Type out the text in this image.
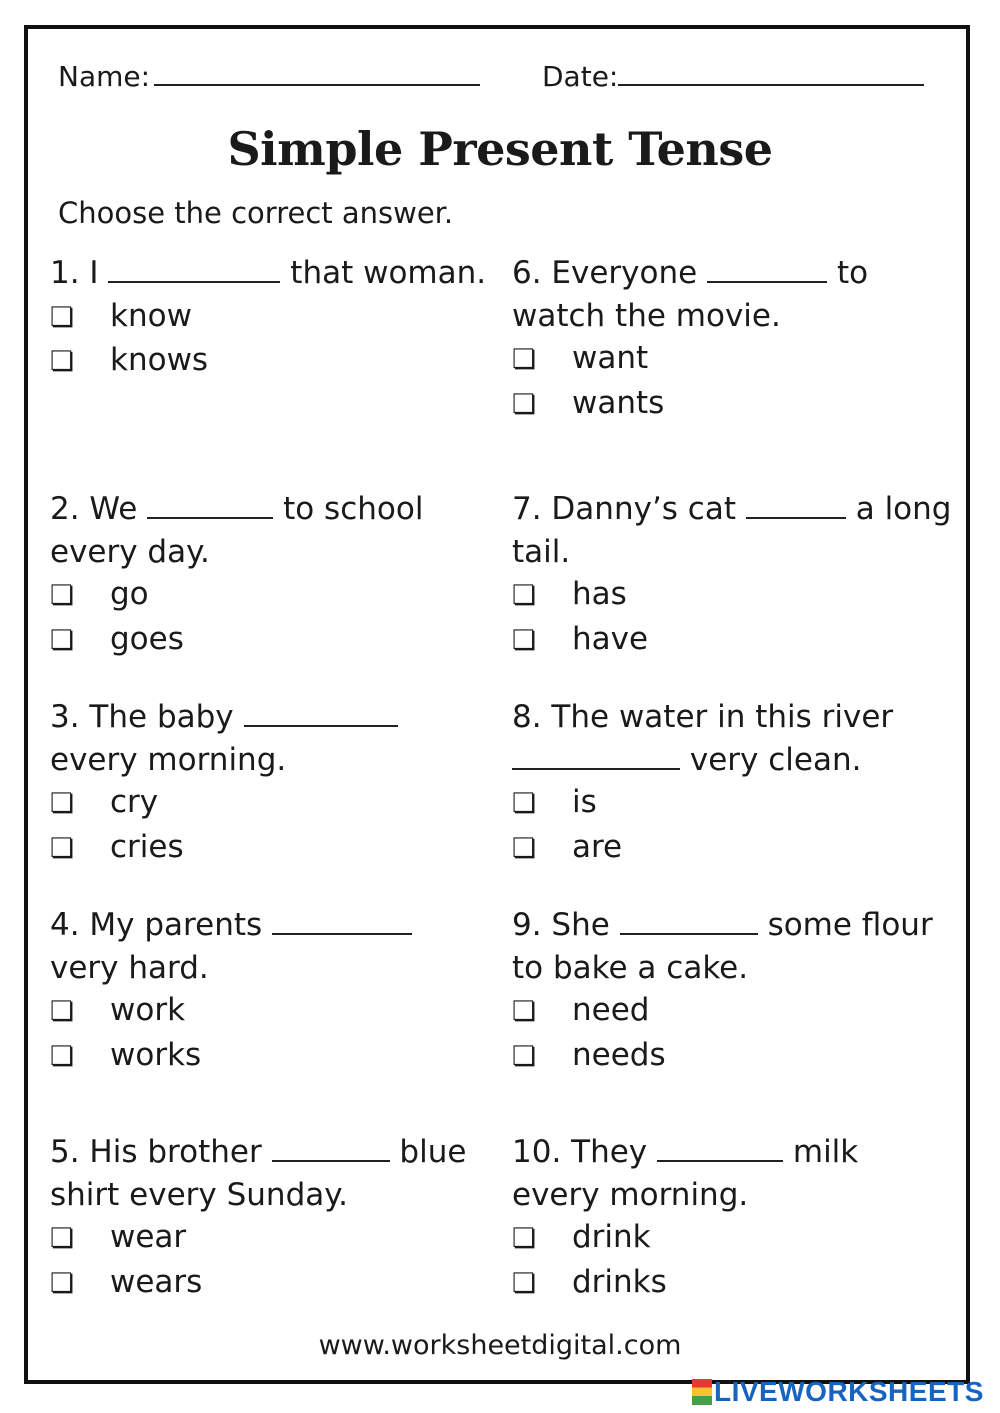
Name:	Date:
Simple Present Tense
Choose the correct answer.

1. I	that woman.

❏ know
❏ knows

2. We	to school every day.

❏ go
❏ goes

3. The baby  every morning.

❏ cry
❏ cries

4. My parents  very hard.

❏ work
❏ works

5. His brother	blue shirt every Sunday.

❏ wear
❏ wears

6. Everyone	to watch the movie.

❏ want
❏ wants

7. Danny’s cat	a long tail.

❏ has
❏ have

8. The water in this river  very clean.

❏ is
❏ are

9. She	some flour to bake a cake.

❏ need
❏ needs

10. They	milk every morning.

❏ drink
❏ drinks
www.worksheetdigital.com
LIVEWORKSHEETS
